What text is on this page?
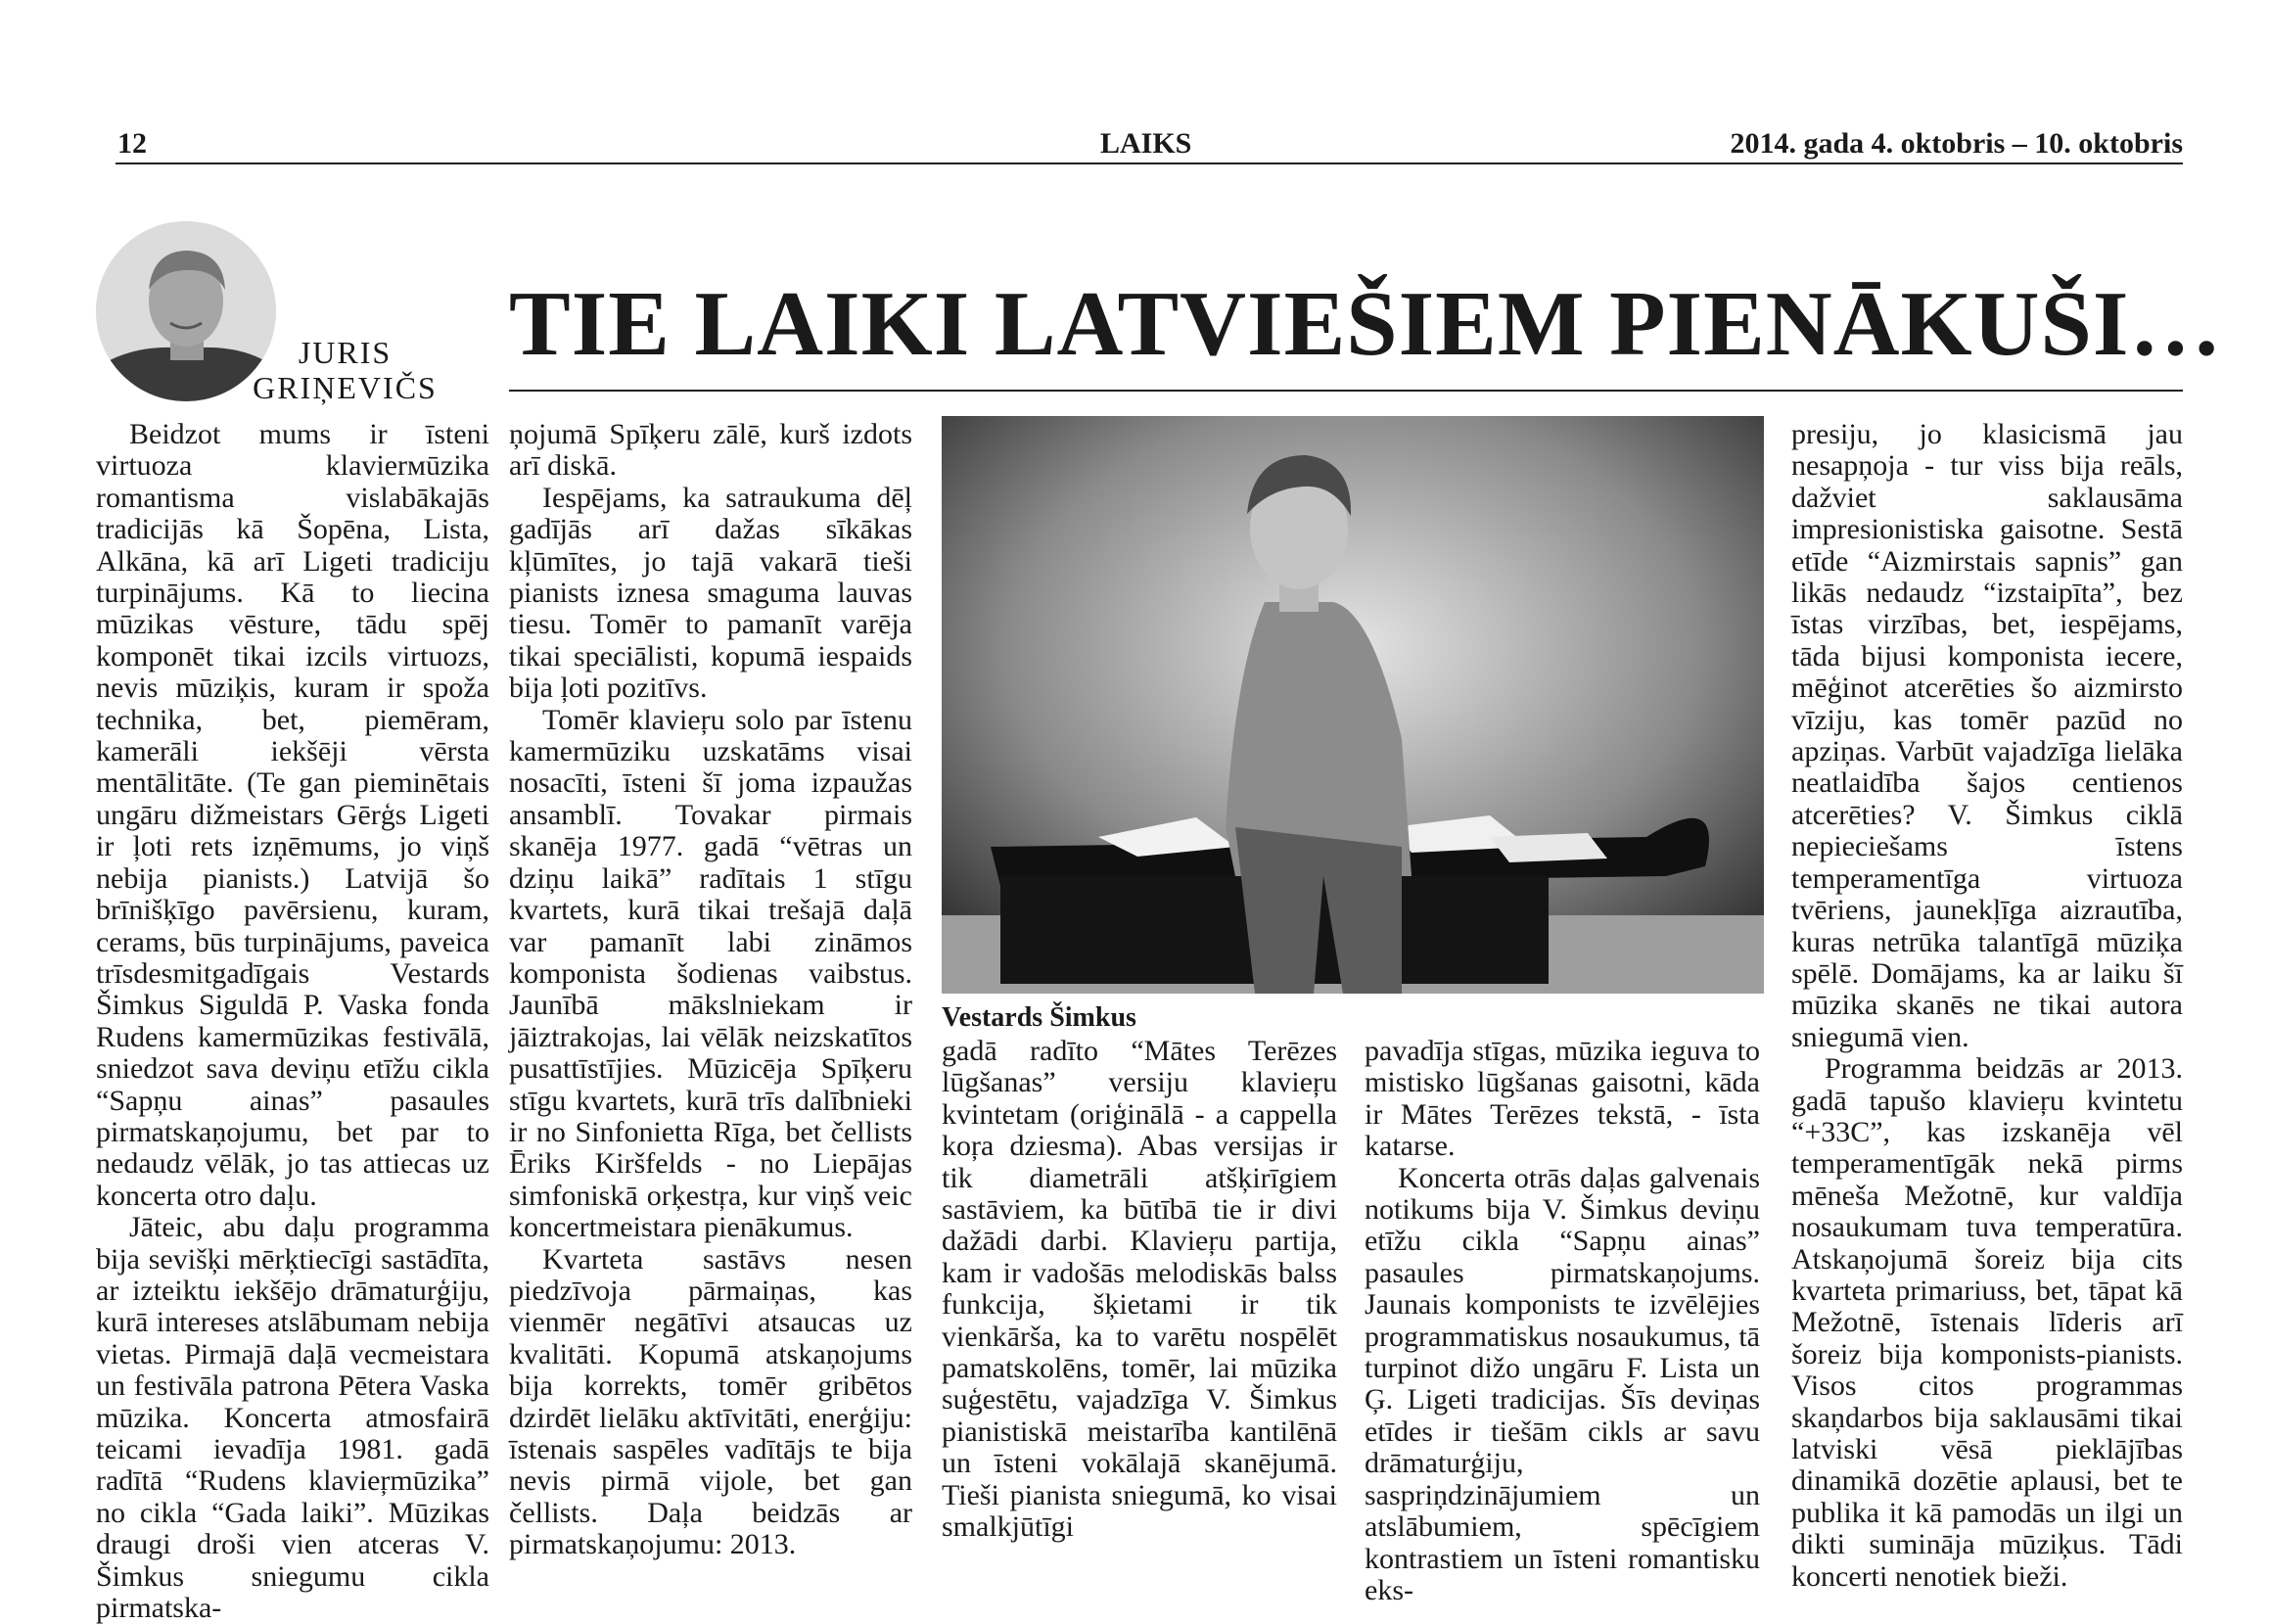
12	LAIKS	2014. gada 4. oktobris – 10. oktobris
JURIS
GRIŅEVIČS
TIE LAIKI LATVIEŠIEM PIENĀKUŠI…

Beidzot mums ir īsteni virtuoza klavierмūzika romantisma vislabākajās tradicijās kā Šopēna, Lista, Alkāna, kā arī Ligeti tradiciju turpinājums. Kā to liecina mūzikas vēsture, tādu spēj komponēt tikai izcils virtuozs, nevis mūziķis, kuram ir spoža technika, bet, piemēram, kamerāli iekšēji vērsta mentālitāte. (Te gan pieminētais ungāru dižmeistars Gērģs Ligeti ir ļoti rets izņēmums, jo viņš nebija pianists.) Latvijā šo brīnišķīgo pavērsienu, kuram, cerams, būs turpinājums, paveica trīsdesmitgadīgais Vestards Šimkus Siguldā P. Vaska fonda Rudens kamermūzikas festivālā, sniedzot sava deviņu etīžu cikla “Sapņu ainas” pasaules pirmatskaņojumu, bet par to nedaudz vēlāk, jo tas attiecas uz koncerta otro daļu.

Jāteic, abu daļu programma bija sevišķi mērķtiecīgi sastādīta, ar izteiktu iekšējo drāmaturģiju, kurā intereses atslābumam nebija vietas. Pirmajā daļā vecmeistara un festivāla patrona Pētera Vaska mūzika. Koncerta atmosfairā teicami ievadīja 1981. gadā radītā “Rudens klavieŗmūzika” no cikla “Gada laiki”. Mūzikas draugi droši vien atceras V. Šimkus sniegumu cikla pirmatska-

ņojumā Spīķeru zālē, kurš izdots arī diskā.

Iespējams, ka satraukuma dēļ gadījās arī dažas sīkākas kļūmītes, jo tajā vakarā tieši pianists iznesa smaguma lauvas tiesu. Tomēr to pamanīt varēja tikai speciālisti, kopumā iespaids bija ļoti pozitīvs.

Tomēr klavieŗu solo par īstenu kamermūziku uzskatāms visai nosacīti, īsteni šī joma izpaužas ansamblī. Tovakar pirmais skanēja 1977. gadā “vētras un dziņu laikā” radītais 1 stīgu kvartets, kurā tikai trešajā daļā var pamanīt labi zināmos komponista šodienas vaibstus. Jaunībā mākslniekam ir jāiztrakojas, lai vēlāk neizskatītos pusattīstījies. Mūzicēja Spīķeru stīgu kvartets, kurā trīs dalībnieki ir no Sinfonietta Rīga, bet čellists Ēriks Kiršfelds - no Liepājas simfoniskā orķestŗa, kur viņš veic koncertmeistara pienākumus.

Kvarteta sastāvs nesen piedzīvoja pārmaiņas, kas vienmēr negātīvi atsaucas uz kvalitāti. Kopumā atskaņojums bija korrekts, tomēr gribētos dzirdēt lielāku aktīvitāti, enerģiju: īstenais saspēles vadītājs te bija nevis pirmā vijole, bet gan čellists. Daļa beidzās ar pirmatskaņojumu: 2013.

Vestards Šimkus

gadā radīto “Mātes Terēzes lūgšanas” versiju klavieŗu kvintetam (oriģinālā - a cappella koŗa dziesma). Abas versijas ir tik diametrāli atšķirīgiem sastāviem, ka būtībā tie ir divi dažādi darbi. Klavieŗu partija, kam ir vadošās melodiskās balss funkcija, šķietami ir tik vienkārša, ka to varētu nospēlēt pamatskolēns, tomēr, lai mūzika suģestētu, vajadzīga V. Šimkus pianistiskā meistarība kantilēnā un īsteni vokālajā skanējumā. Tieši pianista sniegumā, ko visai smalkjūtīgi

pavadīja stīgas, mūzika ieguva to mistisko lūgšanas gaisotni, kāda ir Mātes Terēzes tekstā, - īsta katarse.

Koncerta otrās daļas galvenais notikums bija V. Šimkus deviņu etīžu cikla “Sapņu ainas” pasaules pirmatskaņojums. Jaunais komponists te izvēlējies programmatiskus nosaukumus, tā turpinot dižo ungāru F. Lista un Ģ. Ligeti tradicijas. Šīs deviņas etīdes ir tiešām cikls ar savu drāmaturģiju, saspriņdzinājumiem un atslābumiem, spēcīgiem kontrastiem un īsteni romantisku eks-

presiju, jo klasicismā jau nesapņoja - tur viss bija reāls, dažviet saklausāma impresionistiska gaisotne. Sestā etīde “Aizmirstais sapnis” gan likās nedaudz “izstaipīta”, bez īstas virzības, bet, iespējams, tāda bijusi komponista iecere, mēģinot atcerēties šo aizmirsto vīziju, kas tomēr pazūd no apziņas. Varbūt vajadzīga lielāka neatlaidība šajos centienos atcerēties? V. Šimkus ciklā nepieciešams īstens temperamentīga virtuoza tvēriens, jaunekļīga aizrautība, kuras netrūka talantīgā mūziķa spēlē. Domājams, ka ar laiku šī mūzika skanēs ne tikai autora sniegumā vien.

Programma beidzās ar 2013. gadā tapušo klavieŗu kvintetu “+33C”, kas izskanēja vēl temperamentīgāk nekā pirms mēneša Mežotnē, kur valdīja nosaukumam tuva temperatūra. Atskaņojumā šoreiz bija cits kvarteta primariuss, bet, tāpat kā Mežotnē, īstenais līderis arī šoreiz bija komponists-pianists. Visos citos programmas skaņdarbos bija saklausāmi tikai latviski vēsā pieklājības dinamikā dozētie aplausi, bet te publika it kā pamodās un ilgi un dikti sumināja mūziķus. Tādi koncerti nenotiek bieži.
